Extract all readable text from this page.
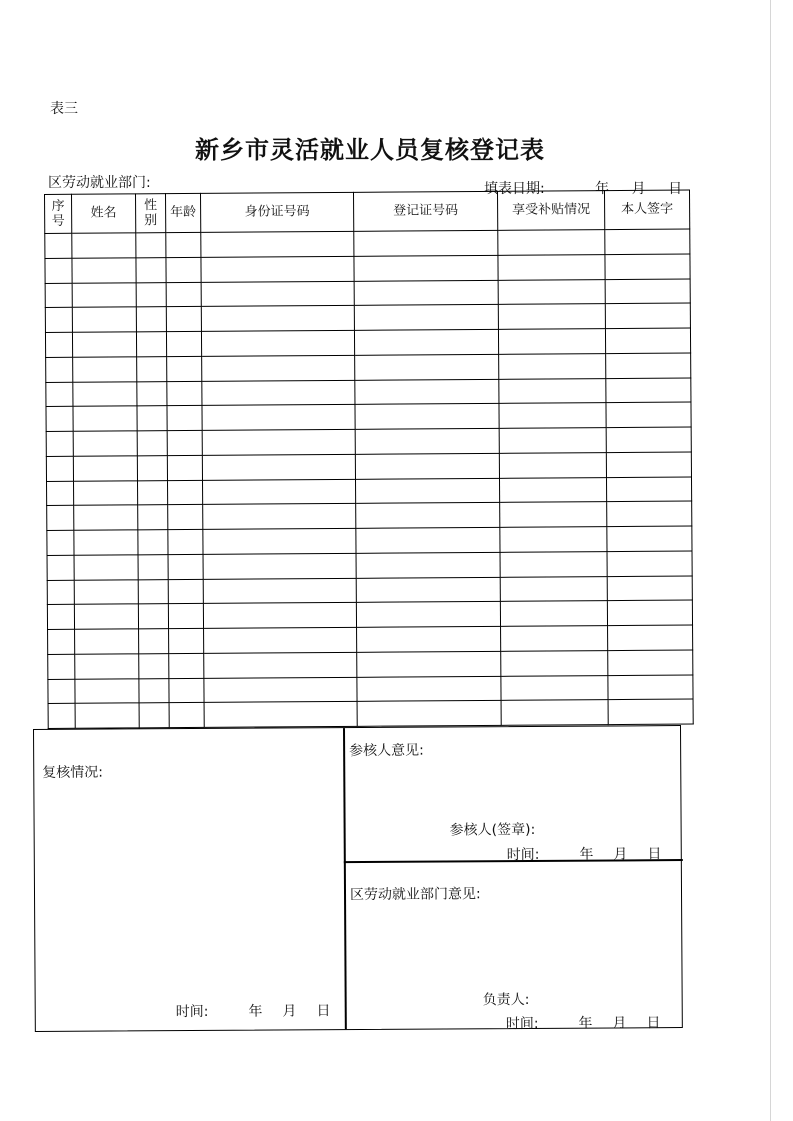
表三
新乡市灵活就业人员复核登记表
区劳动就业部门:	填表日期:	年 月 日
序号	姓名	性别	年龄	身份证号码	登记证号码	享受补贴情况	本人签字

复核情况:
时间:	年 月 日
参核人意见:
参核人(签章):
时间:	年 月 日
区劳动就业部门意见:
负责人:
时间:	年 月 日
